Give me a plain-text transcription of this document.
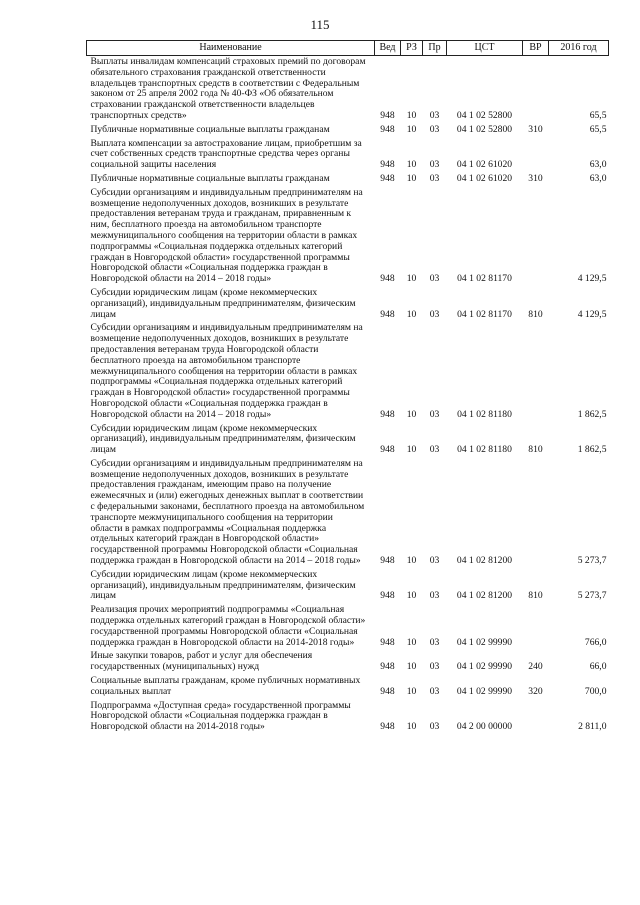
115
Наименование	Вед	РЗ	Пр	ЦСТ	ВР	2016 год
Выплаты инвалидам компенсаций страховых премий по договорам обязательного страхования гражданской ответственности владельцев транспортных средств в соответствии с Федеральным законом от 25 апреля 2002 года № 40-ФЗ «Об обязательном страховании гражданской ответственности владельцев транспортных средств»	948	10	03	04 1 02 52800		65,5
Публичные нормативные социальные выплаты гражданам	948	10	03	04 1 02 52800	310	65,5
Выплата компенсации за автострахование лицам, приобретшим за счет собственных средств транспортные средства через органы социальной защиты населения	948	10	03	04 1 02 61020		63,0
Публичные нормативные социальные выплаты гражданам	948	10	03	04 1 02 61020	310	63,0
Субсидии организациям и индивидуальным предпринимателям на возмещение недополученных доходов, возникших в результате предоставления ветеранам труда и гражданам, приравненным к ним, бесплатного проезда на автомобильном транспорте межмуниципального сообщения на территории области в рамках подпрограммы «Социальная поддержка отдельных категорий граждан в Новгородской области» государственной программы Новгородской области «Социальная поддержка граждан в Новгородской области на 2014 – 2018 годы»	948	10	03	04 1 02 81170		4 129,5
Субсидии юридическим лицам (кроме некоммерческих организаций), индивидуальным предпринимателям, физическим лицам	948	10	03	04 1 02 81170	810	4 129,5
Субсидии организациям и индивидуальным предпринимателям на возмещение недополученных доходов, возникших в результате предоставления ветеранам труда Новгородской области бесплатного проезда на автомобильном транспорте межмуниципального сообщения на территории области в рамках подпрограммы «Социальная поддержка отдельных категорий граждан в Новгородской области» государственной программы Новгородской области «Социальная поддержка граждан в Новгородской области на 2014 – 2018 годы»	948	10	03	04 1 02 81180		1 862,5
Субсидии юридическим лицам (кроме некоммерческих организаций), индивидуальным предпринимателям, физическим лицам	948	10	03	04 1 02 81180	810	1 862,5
Субсидии организациям и индивидуальным предпринимателям на возмещение недополученных доходов, возникших в результате предоставления гражданам, имеющим право на получение ежемесячных и (или) ежегодных денежных выплат в соответствии с федеральными законами, бесплатного проезда на автомобильном транспорте межмуниципального сообщения на территории области в рамках подпрограммы «Социальная поддержка отдельных категорий граждан в Новгородской области» государственной программы Новгородской области «Социальная поддержка граждан в Новгородской области на 2014 – 2018 годы»	948	10	03	04 1 02 81200		5 273,7
Субсидии юридическим лицам (кроме некоммерческих организаций), индивидуальным предпринимателям, физическим лицам	948	10	03	04 1 02 81200	810	5 273,7
Реализация прочих мероприятий подпрограммы «Социальная поддержка отдельных категорий граждан в Новгородской области» государственной программы Новгородской области «Социальная поддержка граждан в Новгородской области на 2014-2018 годы»	948	10	03	04 1 02 99990		766,0
Иные закупки товаров, работ и услуг для обеспечения государственных (муниципальных) нужд	948	10	03	04 1 02 99990	240	66,0
Социальные выплаты гражданам, кроме публичных нормативных социальных выплат	948	10	03	04 1 02 99990	320	700,0
Подпрограмма «Доступная среда» государственной программы Новгородской области «Социальная поддержка граждан в Новгородской области на 2014-2018 годы»	948	10	03	04 2 00 00000		2 811,0
